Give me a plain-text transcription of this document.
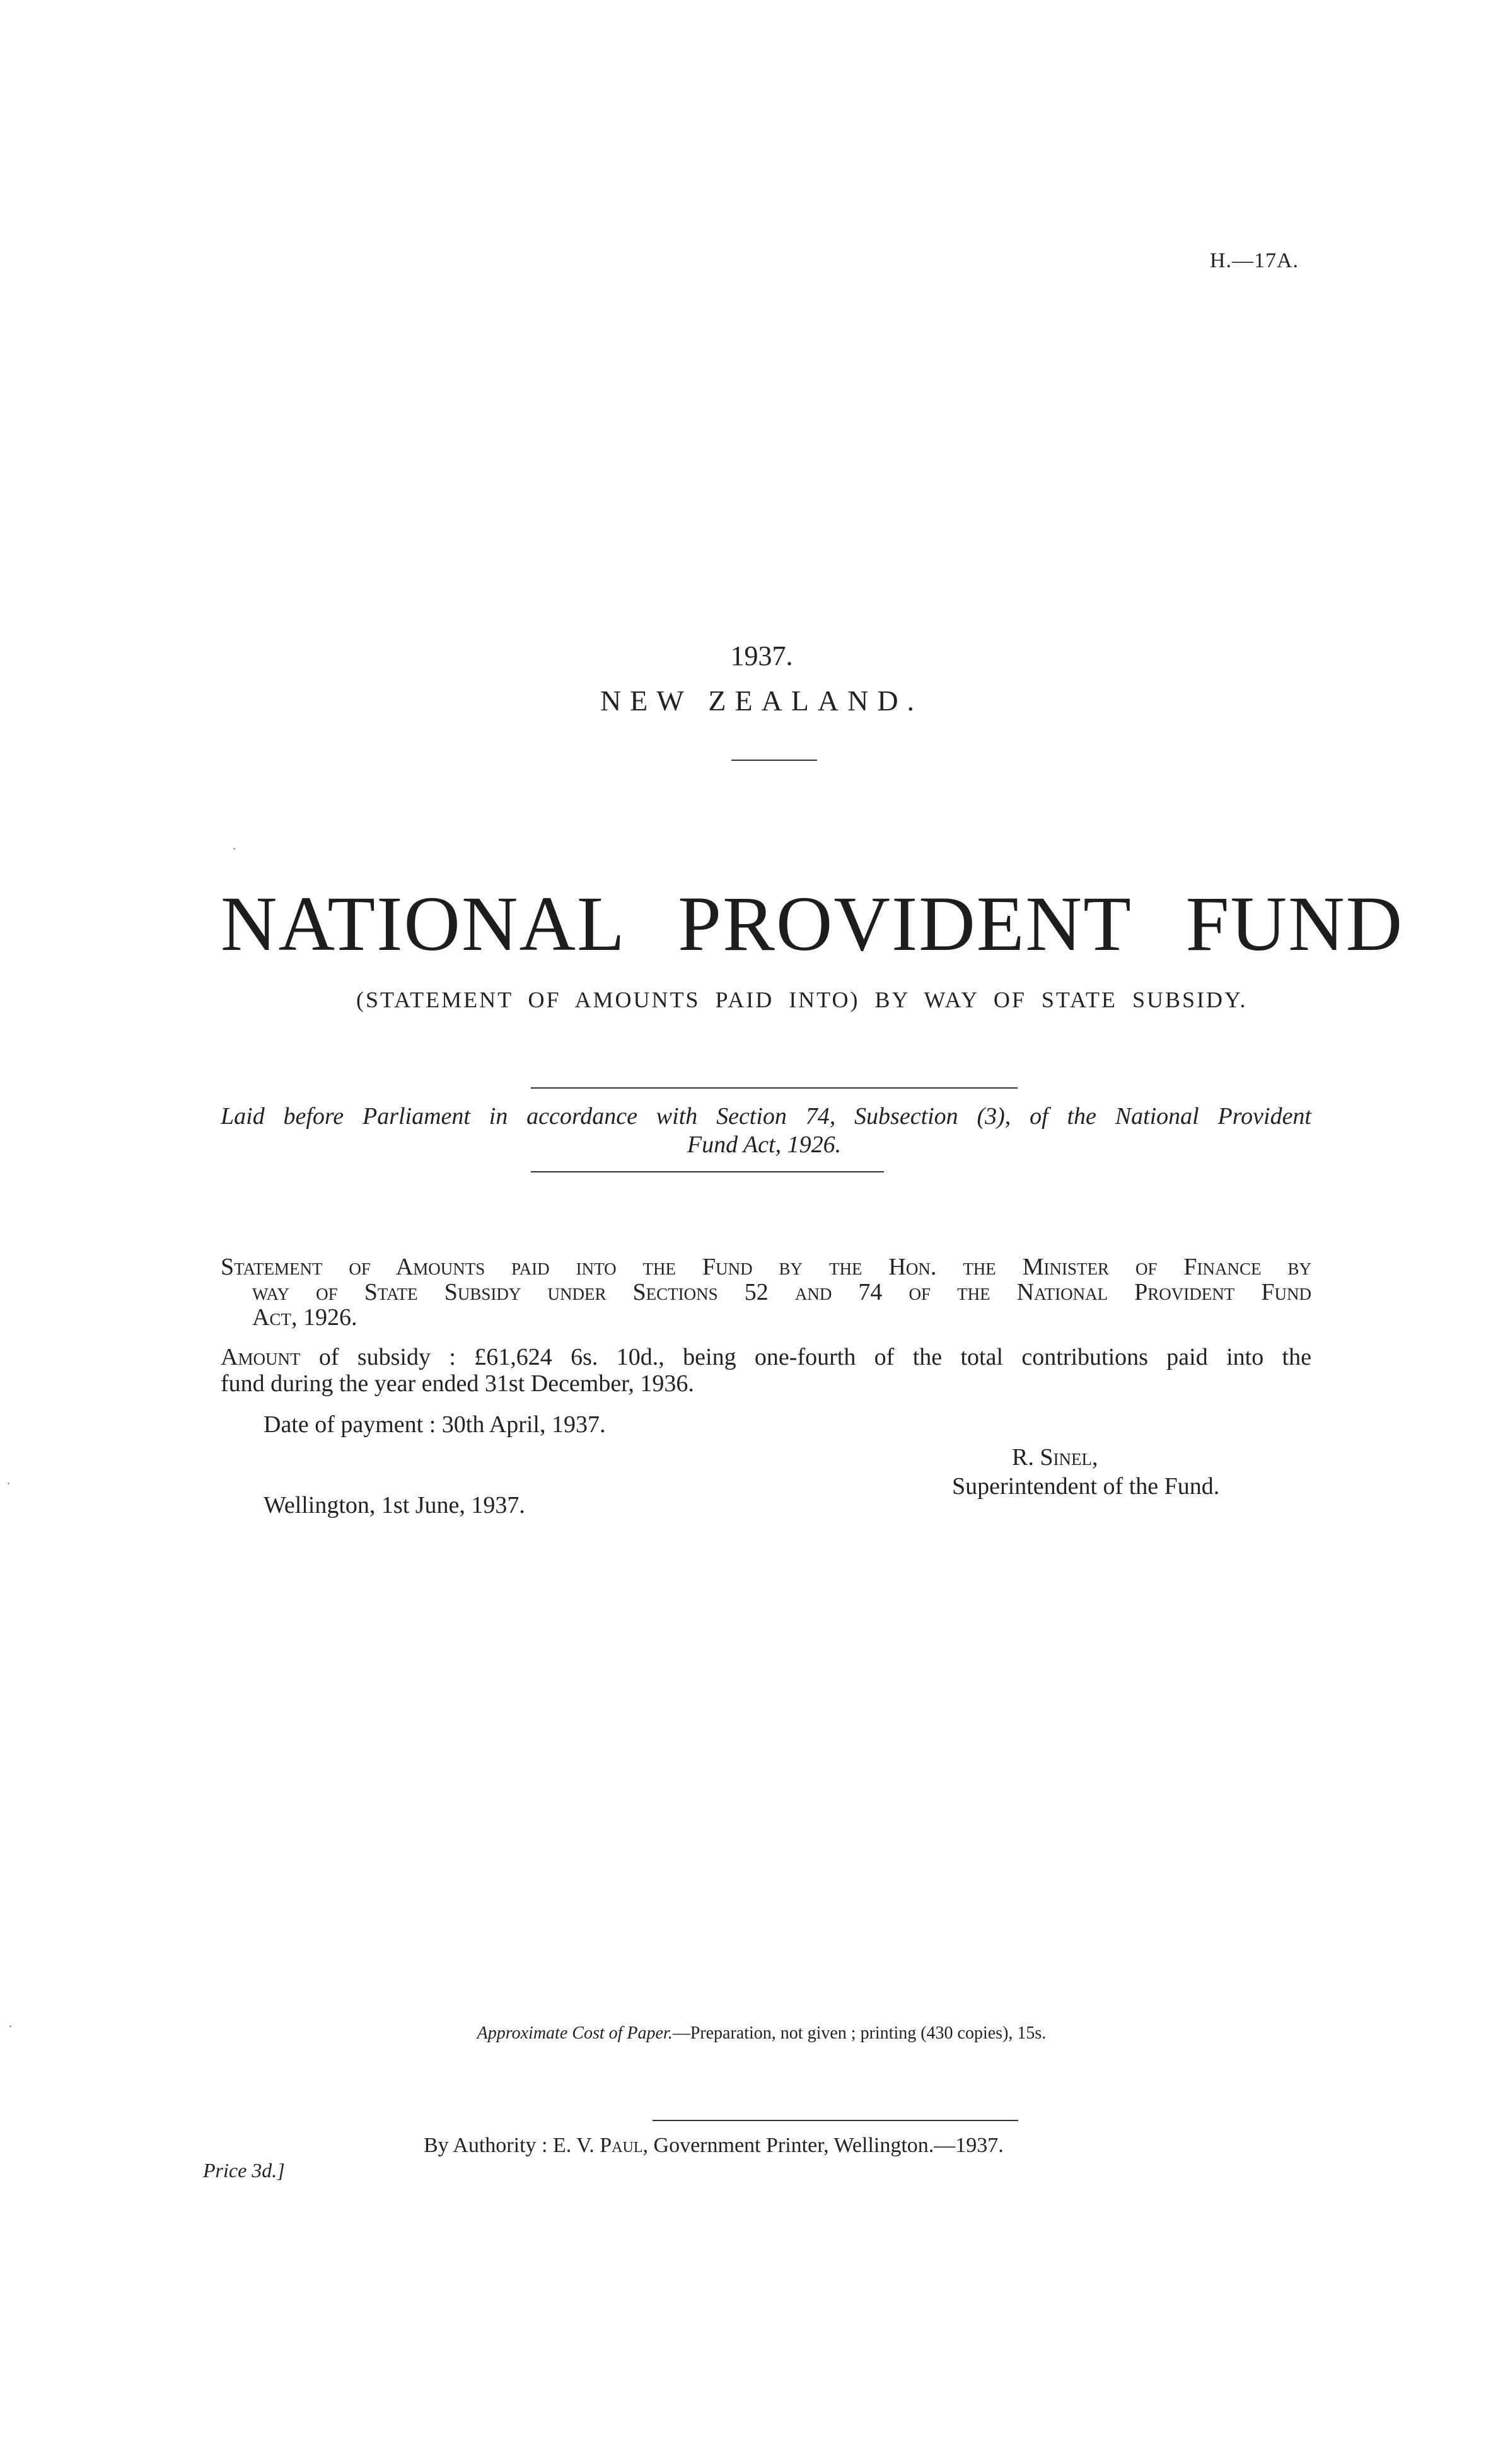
H.—17A.
1937.
NEW ZEALAND.
NATIONAL PROVIDENT FUND
(STATEMENT OF AMOUNTS PAID INTO) BY WAY OF STATE SUBSIDY.
Laid before Parliament in accordance with Section 74, Subsection (3), of the National Provident
Fund Act, 1926.
Statement of Amounts paid into the Fund by the Hon. the Minister of Finance by
way of State Subsidy under Sections 52 and 74 of the National Provident Fund
Act, 1926.
Amount of subsidy : £61,624 6s. 10d., being one-fourth of the total contributions paid into the
fund during the year ended 31st December, 1936.
Date of payment : 30th April, 1937.
R. Sinel,
Superintendent of the Fund.
Wellington, 1st June, 1937.
Approximate Cost of Paper.—Preparation, not given ; printing (430 copies), 15s.
By Authority : E. V. Paul, Government Printer, Wellington.—1937.
Price 3d.]
